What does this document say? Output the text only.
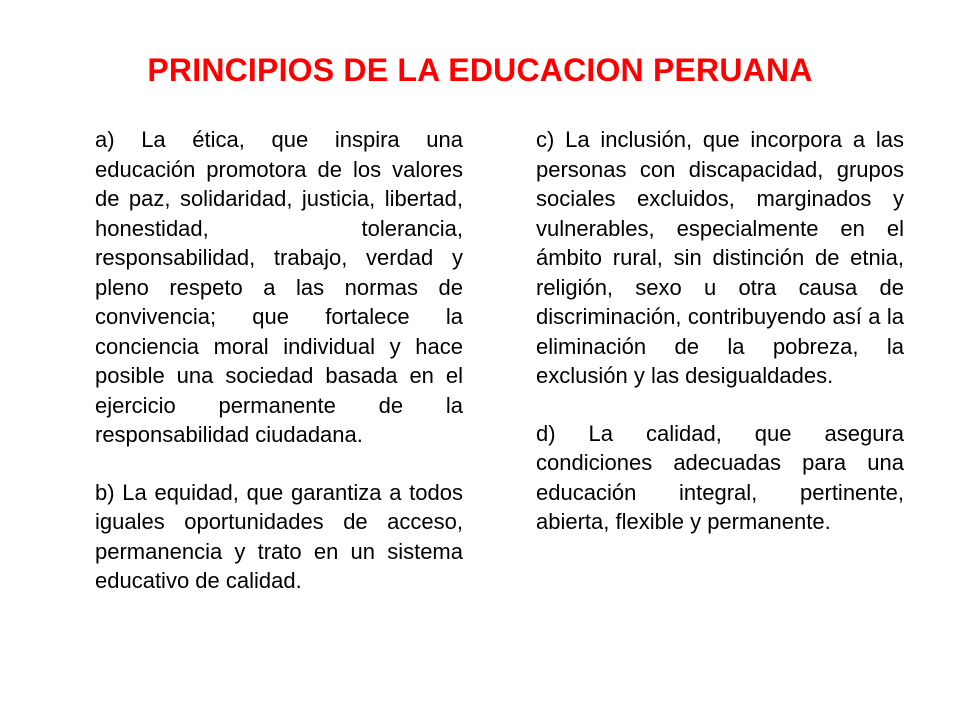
PRINCIPIOS DE LA EDUCACION PERUANA

a) La ética, que inspira una educación promotora de los valores de paz, solidaridad, justicia, libertad, honestidad, tolerancia, responsabilidad, trabajo, verdad y pleno respeto a las normas de convivencia; que fortalece la conciencia moral individual y hace posible una sociedad basada en el ejercicio permanente de la responsabilidad ciudadana.

b) La equidad, que garantiza a todos iguales oportunidades de acceso, permanencia y trato en un sistema educativo de calidad.

c) La inclusión, que incorpora a las personas con discapacidad, grupos sociales excluidos, marginados y vulnerables, especialmente en el ámbito rural, sin distinción de etnia, religión, sexo u otra causa de discriminación, contribuyendo así a la eliminación de la pobreza, la exclusión y las desigualdades.

d) La calidad, que asegura condiciones adecuadas para una educación integral, pertinente, abierta, flexible y permanente.
